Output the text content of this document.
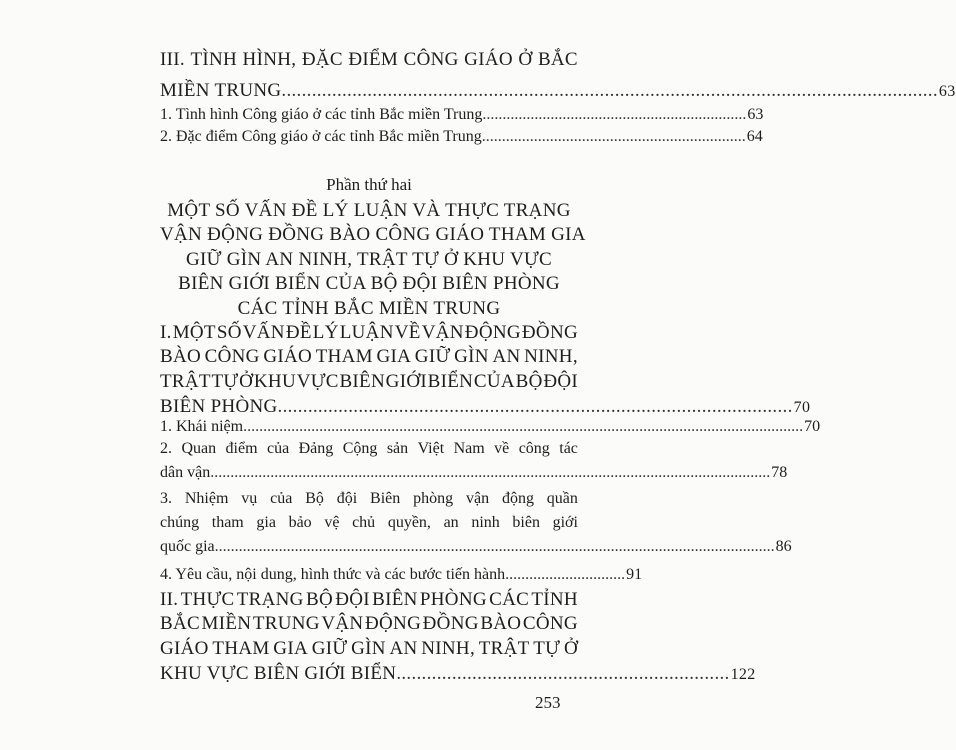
III. TÌNH HÌNH, ĐẶC ĐIỂM CÔNG GIÁO Ở BẮC
MIỀN TRUNG .................................................................................................................................. 63
1. Tình hình Công giáo ở các tỉnh Bắc miền Trung .................................................................. 63
2. Đặc điểm Công giáo ở các tỉnh Bắc miền Trung .................................................................. 64
Phần thứ hai
MỘT SỐ VẤN ĐỀ LÝ LUẬN VÀ THỰC TRẠNG
VẬN ĐỘNG ĐỒNG BÀO CÔNG GIÁO THAM GIA
GIỮ GÌN AN NINH, TRẬT TỰ Ở KHU VỰC
BIÊN GIỚI BIỂN CỦA BỘ ĐỘI BIÊN PHÒNG
CÁC TỈNH BẮC MIỀN TRUNG
I. MỘT SỐ VẤN ĐỀ LÝ LUẬN VỀ VẬN ĐỘNG ĐỒNG
BÀO CÔNG GIÁO THAM GIA GIỮ GÌN AN NINH,
TRẬT TỰ Ở KHU VỰC BIÊN GIỚI BIỂN CỦA BỘ ĐỘI
BIÊN PHÒNG ...................................................................................................... 70
1. Khái niệm ............................................................................................................................................ 70
2. Quan điểm của Đảng Cộng sản Việt Nam về công tác
dân vận ............................................................................................................................................ 78
3. Nhiệm vụ của Bộ đội Biên phòng vận động quần
chúng tham gia bảo vệ chủ quyền, an ninh biên giới
quốc gia ............................................................................................................................................ 86
4. Yêu cầu, nội dung, hình thức và các bước tiến hành .............................. 91
II. THỰC TRẠNG BỘ ĐỘI BIÊN PHÒNG CÁC TỈNH
BẮC MIỀN TRUNG VẬN ĐỘNG ĐỒNG BÀO CÔNG
GIÁO THAM GIA GIỮ GÌN AN NINH, TRẬT TỰ Ở
KHU VỰC BIÊN GIỚI BIỂN .................................................................. 122
253
